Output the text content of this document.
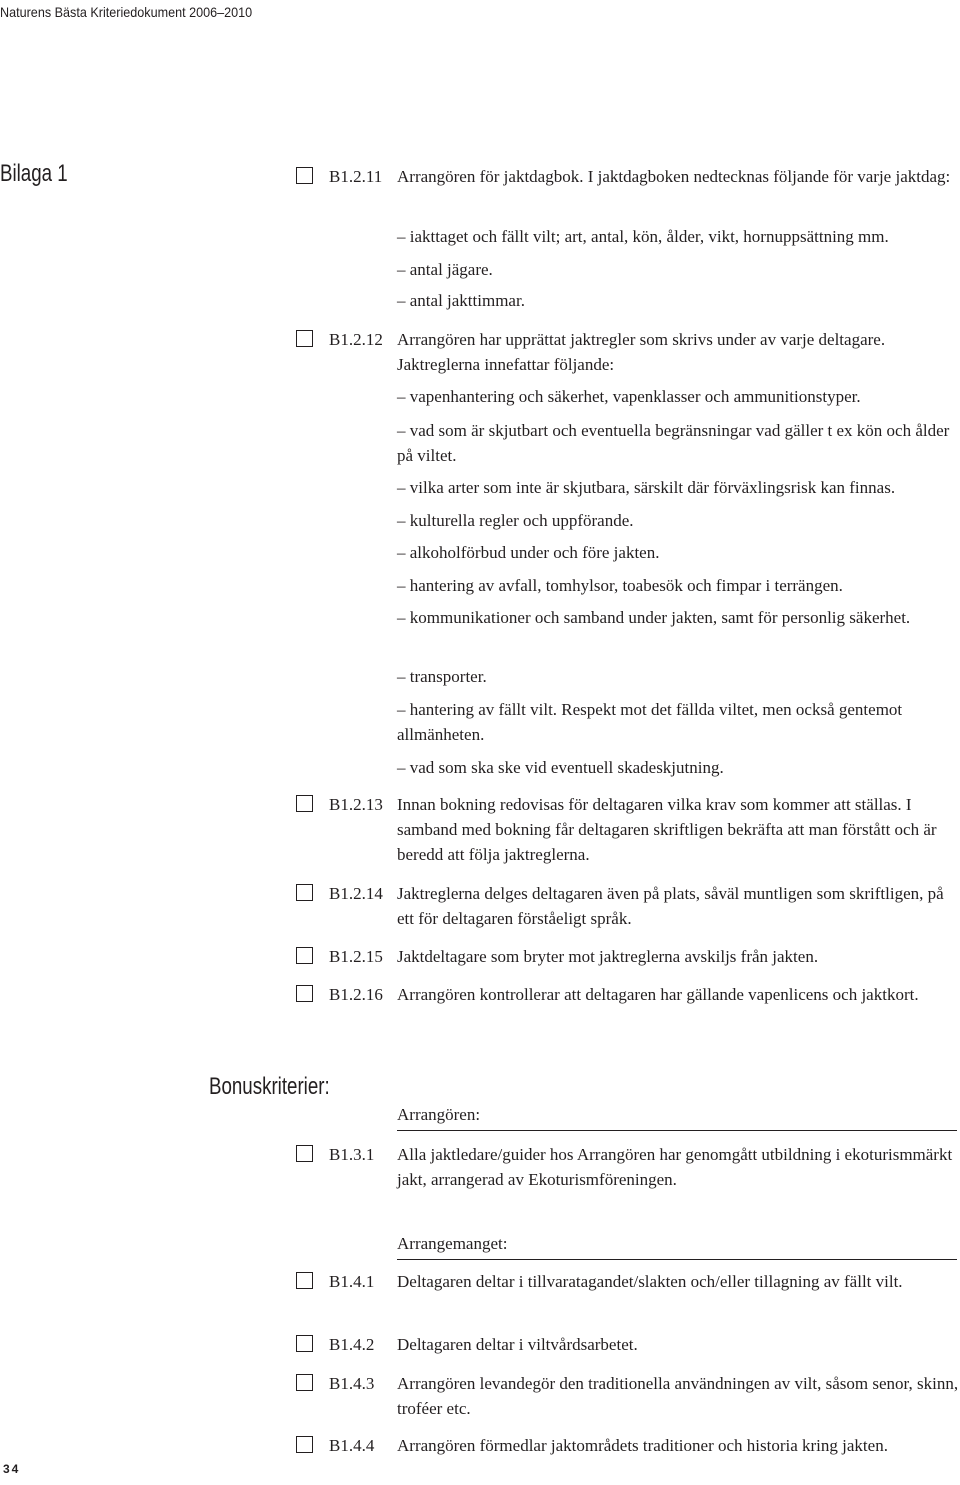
Naturens Bästa Kriteriedokument 2006–2010
Bilaga 1
Bonuskriterier:
34
B1.2.11 Arrangören för jaktdagbok. I jaktdagboken nedtecknas följande för varje jaktdag:
– iakttaget och fällt vilt; art, antal, kön, ålder, vikt, hornuppsättning mm.
– antal jägare.
– antal jakttimmar.
B1.2.12 Arrangören har upprättat jaktregler som skrivs under av varje deltagare. Jaktreglerna innefattar följande:
– vapenhantering och säkerhet, vapenklasser och ammunitionstyper.
– vad som är skjutbart och eventuella begränsningar vad gäller t ex kön och ålder på viltet.
– vilka arter som inte är skjutbara, särskilt där förväxlingsrisk kan finnas.
– kulturella regler och uppförande.
– alkoholförbud under och före jakten.
– hantering av avfall, tomhylsor, toabesök och fimpar i terrängen.
– kommunikationer och samband under jakten, samt för personlig säkerhet.
– transporter.
– hantering av fällt vilt. Respekt mot det fällda viltet, men också gentemot allmänheten.
– vad som ska ske vid eventuell skadeskjutning.
B1.2.13 Innan bokning redovisas för deltagaren vilka krav som kommer att ställas. I samband med bokning får deltagaren skriftligen bekräfta att man förstått och är beredd att följa jaktreglerna.
B1.2.14 Jaktreglerna delges deltagaren även på plats, såväl muntligen som skriftligen, på ett för deltagaren förståeligt språk.
B1.2.15 Jaktdeltagare som bryter mot jaktreglerna avskiljs från jakten.
B1.2.16 Arrangören kontrollerar att deltagaren har gällande vapenlicens och jaktkort.
Arrangören:
B1.3.1 Alla jaktledare/guider hos Arrangören har genomgått utbildning i ekoturismmärkt jakt, arrangerad av Ekoturismföreningen.
Arrangemanget:
B1.4.1 Deltagaren deltar i tillvaratagandet/slakten och/eller tillagning av fällt vilt.
B1.4.2 Deltagaren deltar i viltvårdsarbetet.
B1.4.3 Arrangören levandegör den traditionella användningen av vilt, såsom senor, skinn, troféer etc.
B1.4.4 Arrangören förmedlar jaktområdets traditioner och historia kring jakten.
